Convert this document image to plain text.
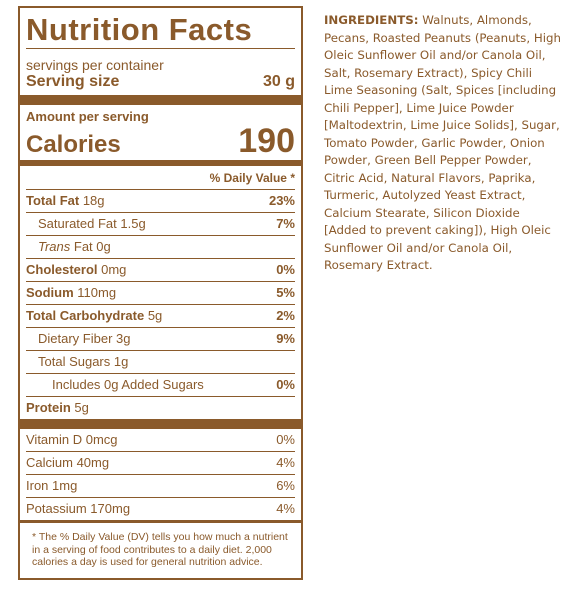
Nutrition Facts
servings per container
Serving size	30 g
Amount per serving
Calories	190
% Daily Value *
Total Fat 18g	23%
Saturated Fat 1.5g	7%
Trans Fat 0g
Cholesterol 0mg	0%
Sodium 110mg	5%
Total Carbohydrate 5g	2%
Dietary Fiber 3g	9%
Total Sugars 1g
Includes 0g Added Sugars	0%
Protein 5g
Vitamin D 0mcg	0%
Calcium 40mg	4%
Iron 1mg	6%
Potassium 170mg	4%
* The % Daily Value (DV) tells you how much a nutrient in a serving of food contributes to a daily diet. 2,000 calories a day is used for general nutrition advice.
INGREDIENTS: Walnuts, Almonds, Pecans, Roasted Peanuts (Peanuts, High Oleic Sunflower Oil and/or Canola Oil, Salt, Rosemary Extract), Spicy Chili Lime Seasoning (Salt, Spices [including Chili Pepper], Lime Juice Powder [Maltodextrin, Lime Juice Solids], Sugar, Tomato Powder, Garlic Powder, Onion Powder, Green Bell Pepper Powder, Citric Acid, Natural Flavors, Paprika, Turmeric, Autolyzed Yeast Extract, Calcium Stearate, Silicon Dioxide [Added to prevent caking]), High Oleic Sunflower Oil and/or Canola Oil, Rosemary Extract.
